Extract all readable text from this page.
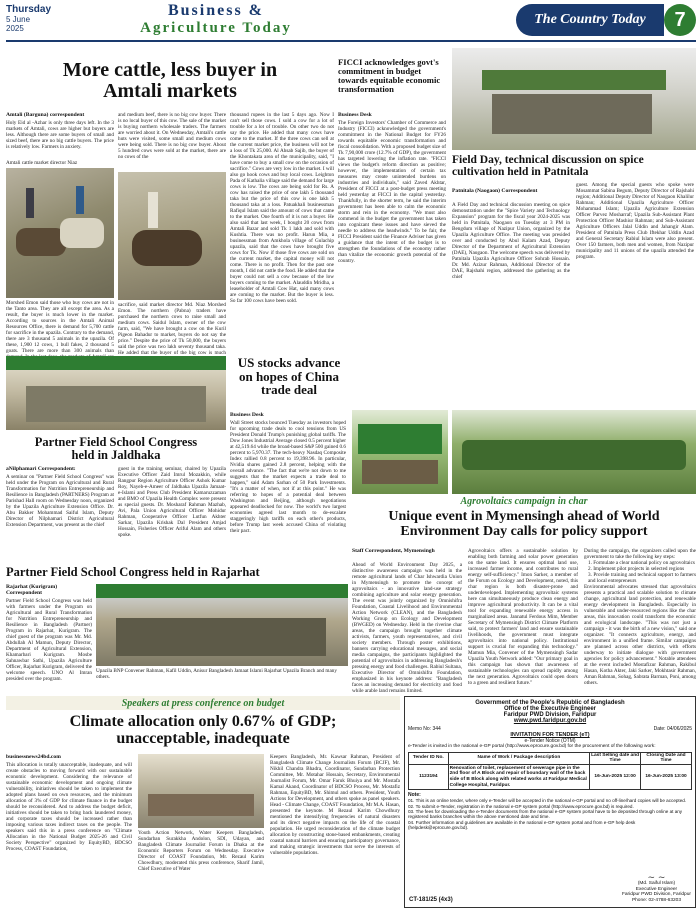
Thursday
5 June
2025
Business &
Agriculture Today
The Country Today 7
More cattle, less buyer in
Amtali markets
Amtali (Barguna) correspondent
Holy Eid al -Azhar is only three days left. In the 3 markets of Amtali, cows are higher but buyers are less. Although there are some buyers of small and sized beef, there are no big cattle buyers. The price is relatively low. Farmers in anxiety.
Amtali cattle market director Niaz
Morshed Emon said those who buy cows are not in the Tanto area. They are all except the area. As a result, the buyer is much lower in the market. According to sources in the Amtali Animal Resources Office, there is demand for 5,700 cattle for sacrifice in the upazila. Contrary to the demand, there are 3 thousand 5 animals in the upazila. Of these, 1,900 12 cows, 1 bull fakes, 2 thousand 5 goats. There are more than 300 animals than
and medium beef, there is no big cow buyer. There is no local buyer of this cow. The sale of the market is buying northern wholesale traders. The farmers are worried about it. On Wednesday, Amtali's cattle huts were visited, some small and medium cows were being sold. There is no big cow buyer. About 5 hundred cows were sold at the market, there are no cows of the
sacrifice, said market director Md. Niaz Morshed Emon. The northern (Pabna) traders have purchased the northern cows to raise small and medium cows. Saidul Islam, owner of the cow farm, said, "We have brought a cow on the Kuril Pigeon Bahadur to market, buyers do not say the price." Despite the price of Tk 50,000, the buyers said the price was two lakh seventy thousand taka. He added that the buyer of the big cow is much
thousand rupees in the last 5 days ago. Now I can't sell those cows. I sold a cow for a lot of trouble for a lot of trouble. On other two do not say the price. He added that many cows have come to the market. If the three cows can sell at the current market price, the business will not be a loss of Tk 25,000. Al Ahsab Sajib, the buyer of the Khontakata area of the municipality, said, "I have come to buy a small cow on the occasion of sacrifice." Cows are very low in the market. I will also go hook cows and buy local cows. Leighton Pada of Kathalia village said the demand for large cows is low. The cows are being sold for Rs. A cow has raised the price of one lakh 5 thousand taka but the price of this cow is one lakh 5 thousand taka at a loss. Patuakhali businessman Rafiqul Islam said the amount of cows that came to the market. One fourth of it is not a buyer. He also said that last week, I bought 20 cows from Amtali Bazar and sold Tk 1 lakh and sold with Kushtia. There was no profit. Harun Mia, a businessman from Amkhola village of Gulachip upazila, said that the cows have brought five cows for Tk. Now if those five cows are sold on the current market, the capital money will not come. There is no profit. Then for the past one month, I did not cattle the food. He added that the buyer could not sell a cow because of the low buyers coming to the market. Alauddin Mridha, a leaseholder of Amtali Cow Hat, said many cows are coming to the market. But the buyer is less. So far 100 cows have been sold.
FICCI acknowledges govt's commitment in budget towards equitable economic transformation
Business Desk
The Foreign Investors' Chamber of Commerce and Industry (FICCI) acknowledged the government's commitment in the National Budget for FY26 towards equitable economic transformation and fiscal consolidation. With a proposed budget size of Tk 7,90,000 crore (12.7% of GDP), the government has targeted lowering the inflation rate. "FICCI views the budget's reform direction as positive; however, the implementation of certain tax measures may create unintended burdens on industries and individuals," said Zaved Akhtar, President of FICCI at a post-budget press meeting held yesterday at FICCI in the capital yesterday. Thankfully, in the shorter term, he said the interim government has been able to calm the economic storm and rein in the economy. "We must also commend in the budget the government has taken into cognizant these issues and have sieved the needle to address the headwinds." To be fair, the FICCI President said the Finance Adviser has given a guidance that the intent of the budget is to strengthen the foundations of the economy rather than vitalize the economic growth potential of the country.
Field Day, technical discussion on spice cultivation held in Patnitala
Patnitala (Naogaon) Correspondent
A Field Day and technical discussion meeting on spice demonstration under the "Spice Variety and Technology Expansion" program for the fiscal year 2024-2025 was held in Patnitala, Naogaon on Tuesday at 3 PM in Bengdum village of Nazipur Union, organized by the Upazila Agriculture Office. The meeting was presided over and conducted by Abul Kalam Azad, Deputy Director of the Department of Agricultural Extension (DAE), Naogaon. The welcome speech was delivered by Patnitala Upazila Agriculture Officer Sohrab Hossain. Dr. Md. Azizur Rahman, Additional Director of the DAE, Rajshahi region, addressed the gathering as the chief
guest. Among the special guests who spoke were Mosammat Sabina Begum, Deputy Director of Rajshahi region; Additional Deputy Director of Naogaon Khalilur Rahman; Additional Upazila Agriculture Officer Mohammad Islam; Upazila Agriculture Extension Officer Parvez Mosharraf; Upazila Sub-Assistant Plant Protection Officer Mashiur Rahman; and Sub-Assistant Agriculture Officers Jalal Uddin and Jahangir Alam. President of Patnitala Press Club Iftekhar Uddin Azad and General Secretary Rabiul Islam were also present. Over 150 farmers, both men and women, from Nazipur municipality and 11 unions of the upazila attended the program.
US stocks advance on hopes of China trade deal
Business Desk
Wall Street stocks bounced Tuesday as investors hoped for upcoming trade deals to cool tensions from US President Donald Trump's punishing global tariffs. The Dow Jones Industrial Average closed 0.5 percent higher at 42,519.64 while the broad-based S&P 500 gained 0.6 percent to 5,970.37. The tech-heavy Nasdaq Composite Index rallied 0.8 percent to 19,398.96. In particular, Nvidia shares gained 2.8 percent, helping with the overall advance. "The fact that we're not down to me suggests that the market expects a trade deal to happen," said Adam Sarhan of 50 Park Investments. "It's a matter of when, not if at this point." He was referring to hopes of a potential deal between Washington and Beijing, although negotiations appeared deadlocked for now. The world's two largest economies agreed last month to de-escalate staggeringly high tariffs on each other's products, before Trump last week accused China of violating their pact.
Partner Field School Congress
held in Jaldhaka
aNilphamari Correspondent:
A seminar on "Partner Field School Congress" was held under the Program on Agricultural and Rural Transformation for Nutrition Entrepreneurship and Resilience in Bangladesh (PARTNERS) Program at Parishad Hall room on Wednesday noon, organized by the Upazila Agriculture Extension Office. Dr. Abu Bakker Mohammad Saiful Islam, Deputy Director of Nilphamari District Agricultural Extension Department, was present as the chief
guest in the training seminar, chaired by Upazila Executive Officer Zaid Imrul Mozakkin, while Rangpur Region Agriculture Officer Ashok Kumar Roy, Nayeb-e-Ameer of Jaldhaka Upazila Jamaat-e-Islami and Press Club President Kamaruzzaman and BMO of Upazila Health Complex were present as special guests. Dr. Mosharaf Rahman Mazhab, Avi, Pala Union Agricultural Officer Mohidur Rahman, Cooperative Officer Lutfun Akhter Sarkar, Upazila Krishak Dal President Amjad Hossain, Fisheries Officer Ariful Alam and others spoke.
Agrovoltaics campaign in char
Unique event in Mymensingh ahead of World Environment Day calls for policy support
Staff Correspondent, Mymensingh
Ahead of World Environment Day 2025, a distinctive awareness campaign was held in the remote agricultural lands of Char Ishwardia Union in Mymensingh to promote the concept of agrovoltaics - an innovative land-use strategy combining agriculture and solar energy generation. The event was jointly organized by Omnishifra Foundation, Coastal Livelihood and Environmental Action Network (CLEAN), and the Bangladesh Working Group on Ecology and Development (BWGED) on Wednesday. Held in the riverine char areas, the campaign brought together climate activists, farmers, youth representatives, and civil society members. Through poster exhibitions, banners carrying educational messages, and social media campaigns, the participants highlighted the potential of agrovoltaics in addressing Bangladesh's pressing energy and food challenges. Rabiul Sultana, Executive Director of Omnishifra Foundation, emphasized in his keynote address: "Bangladesh faces an increasing demand for electricity and food while arable land remains limited.
Agrovoltaics offers a sustainable solution by enabling both farming and solar power generation on the same land. It ensures optimal land use, increased farmer income, and contributes to rural energy self-sufficiency." Imon Sarker, a member of the Forum on Ecology and Development, noted, this char region is both disaster-prone and underdeveloped. Implementing agrovoltaic systems here can simultaneously produce clean energy and improve agricultural productivity. It can be a vital tool for expanding renewable energy access in marginalized areas. Jannatul Ferdous Mim, Member Secretary of Mymensingh District Climate Platform said, to protect farmers' land and ensure sustainable livelihoods, the government must integrate agrovoltaics into national policy. Institutional support is crucial for expanding this technology." Mamun Mia, Convener of the Mymensingh Sadar Upazila Youth Network added: "Our primary goal in this campaign has shown that awareness of sustainable technologies can spread rapidly among the next generation. Agrovoltaics could open doors to a green and resilient future."
During the campaign, the organizers called upon the government to take the following key steps:
1. Formulate a clear national policy on agrovoltaics
2. Implement pilot projects in selected regions
3. Provide training and technical support to farmers and local entrepreneurs
Environmental advocates stressed that agrovoltaics presents a practical and scalable solution to climate change, agricultural land protection, and renewable energy development in Bangladesh. Especially in vulnerable and under-resourced regions like the char areas, this innovation could transform the economic and ecological landscape. "This was not just a campaign - it was the birth of a new vision," said one organizer. "It connects agriculture, energy, and environment in a unified frame. Similar campaigns are planned across other districts, with efforts underway to initiate dialogue with government agencies for policy advancement." Notable attendees at the event included Mostafizur Rahman, Rakibul Hasan, Kotha Akter, Jaki Sarker, Mokhtasir Rahman, Aman Rahman, Sohag, Sabrata Barman, Poni, among others.
Partner Field School Congress held in Rajarhat
Rajarhat (Kurigram) Correspondent
Partner Field School Congress was held with farmers under the Program on Agricultural and Rural Transformation for Nutrition Entrepreneurship and Resilience in Bangladesh (Partner) Program in Rajarhat, Kurigram. The chief guest of the program was Mr. Md. Abdullah Al Mamun, Deputy Director, Department of Agricultural Extension, Khamarbari Kurigram. Mosbe Sahnawbar Sathi, Upazila Agriculture Officer, Rajarhat Kurigram, delivered the welcome speech. UNO Al Imran presided over the program.
Upazila BNP Convener Rahman, Kafil Uddin, Anisur Bangladesh Jamaat Islami Rajarhat Upazila Branch and many others.
Speakers at press conference on budget
Climate allocation only 0.67% of GDP;
unacceptable, inadequate
businessnews24bd.com
This allocation is totally unacceptable, inadequate, and will create obstacles to moving forward with our sustainable economic development. Considering the relevance of sustainable economic development and ongoing climate vulnerability, initiatives should be taken to implement the adopted plans based on own resources, and the minimum allocation of 3% of GDP for climate finance in the budget should be reconsidered. And to address the budget deficit, initiatives should be taken to bring back laundered money, and corporate taxes should be increased rather than imposing various taxes indirect taxes on the people. The speakers said this in a press conference on "Climate Allocation in the National Budget 2025-26 and Civil Society Perspective" organized by EquityBD, BDCSO Process, COAST Foundation,
Youth Action Network, Water Keepers Bangladesh, Sundarban Surakkha Andolon, SDI, Udayan, and Bangladesh Climate Journalist Forum in Dhaka at the Economic Reporters Forum on Wednesday. Executive Director of COAST Foundation, Mr. Rezaul Karim Chowdhury, moderated this press conference, Sharif Jamil, Chief Executive of Water
Keepers Bangladesh, Mr. Kawsar Rahman, President of Bangladesh Climate Change Journalists Forum (BCJF), Mr. Nikhil Chandra Bhadra, Coordinator, Sundarban Protection Committee, Mr. Motahar Hossain, Secretary, Environmental Journalist Forum, Mr. Omar Faruk Bhuiya and Mr. Mostafa Kamal Akand, Coordinator of BDCSO Process, Mr. Mostafiz Rahman, EquityBD, Mr. Shimul and others. President, Youth Actions for Development, and others spoke as panel speakers. Head - Climate Change, COAST Foundation, Mr M.A. Hasan, presented the keynote. M Rezaul Karim Chowdhury mentioned the intensifying frequencies of natural disasters and its direct negative impacts on the life of the coastal population. He urged reconsideration of the climate budget allocation by constructing stone-based embankments, creating coastal natural barriers and ensuring participatory governance, and making strategic investments that serve the interests of vulnerable populations.
Government of the People's Republic of Bangladesh
Office of the Executive Engineer
Faridpur PWD Division, Faridpur
www.pwd.faridpur.gov.bd
Memo No: 344	Date: 04/06/2025
INVITATION FOR TENDER (eT)
e-Tender Notice (OTM)
e-Tender is invited in the national e-GP portal (http://www.eprocure.gov.bd) for the procurement of the following work:
Tender ID No.	Name of Work / Package description	Last Selling date and Time	Closing Date and Time
1123194	Renovation of toilet, replacement of sewerage pipe in the 2nd floor of A Block and repair of boundary wall of the back side of B Block along with related works at Faridpur Medical College Hospital, Faridpur.	16-Jun-2025 12:00	16-Jun-2025 13:00
Note:
01. This is an online tender, where only e-Tender will be accepted in the national e-GP portal and no off-line/hard copies will be accepted.
02. To submit e-Tender, registration in the national e-GP system portal (http://www.eprocure.gov.bd) is required.
03. The fees for downloading the e-Tender documents from the national e-GP system portal have to be deposited through online at any registered banks branches within the above mentioned date and time.
04. Further information and guidelines are available in the national e-GP system portal and from e-GP help desk (helpdesk@eprocure.gov.bd).
CT-181/25 (4x3)
~ ~
(Md. Saiful Islam)
Executive Engineer
Faridpur PWD Division, Faridpur
Phone: 02-4788-63203
